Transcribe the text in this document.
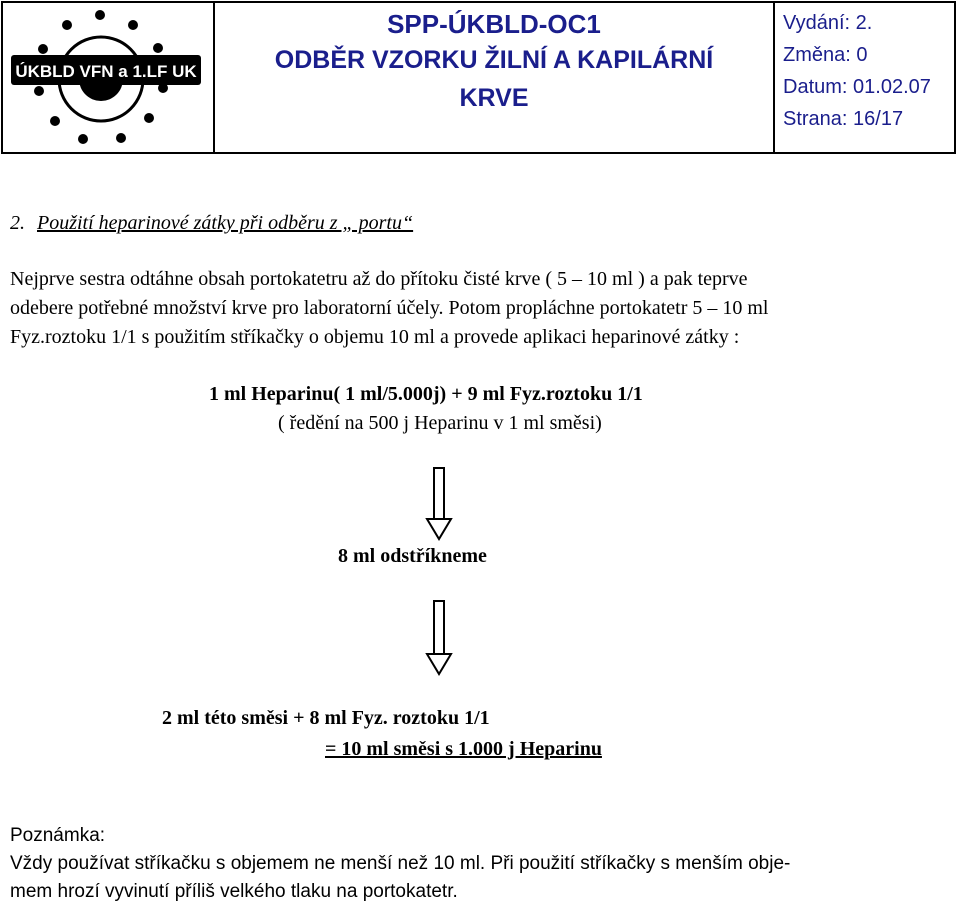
ÚKBLD VFN a 1.LF UK
SPP-ÚKBLD-OC1
ODBĚR VZORKU ŽILNÍ A KAPILÁRNÍ
KRVE
Vydání: 2.
Změna: 0
Datum: 01.02.07
Strana: 16/17
2. Použití heparinové zátky při odběru z „ portu“
Nejprve sestra odtáhne obsah portokatetru až do přítoku čisté krve ( 5 – 10 ml ) a pak teprve
odebere potřebné množství krve pro laboratorní účely. Potom propláchne portokatetr 5 – 10 ml
Fyz.roztoku 1/1 s použitím stříkačky o objemu 10 ml a provede aplikaci heparinové zátky :
1 ml Heparinu( 1 ml/5.000j) + 9 ml Fyz.roztoku 1/1
( ředění na 500 j Heparinu v 1 ml směsi)
8 ml odstříkneme
2 ml této směsi + 8 ml Fyz. roztoku 1/1
= 10 ml směsi s 1.000 j Heparinu
Poznámka:
Vždy používat stříkačku s objemem ne menší než 10 ml. Při použití stříkačky s menším obje-
mem hrozí vyvinutí příliš velkého tlaku na portokatetr.
